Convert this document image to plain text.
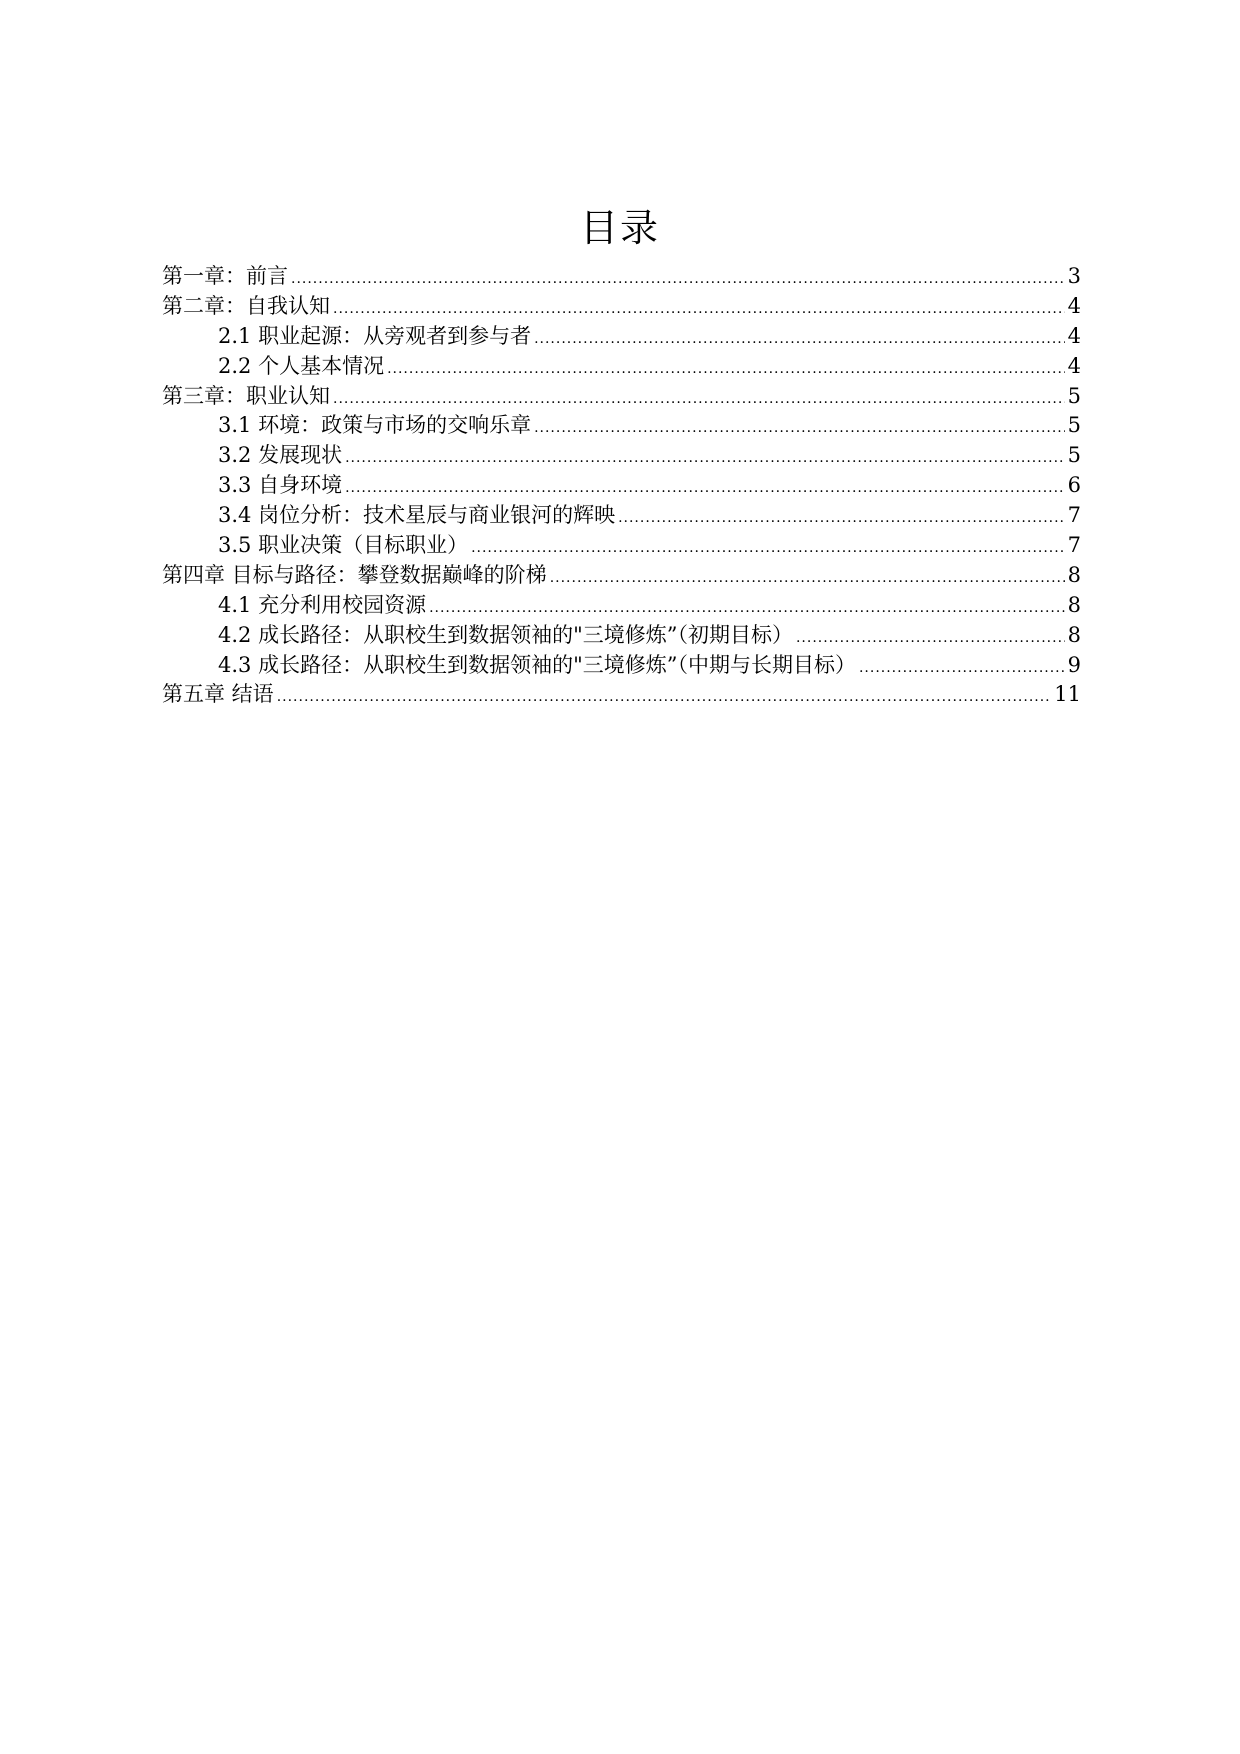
目录
第一章：前言 .....	3
第二章：自我认知 .....	4
2.1 职业起源：从旁观者到参与者 .....	4
2.2 个人基本情况 .....	4
第三章：职业认知 .....	5
3.1 环境：政策与市场的交响乐章 .....	5
3.2 发展现状 .....	5
3.3 自身环境 .....	6
3.4 岗位分析：技术星辰与商业银河的辉映 .....	7
3.5 职业决策（目标职业） .....	7
第四章 目标与路径：攀登数据巅峰的阶梯 .....	8
4.1 充分利用校园资源 .....	8
4.2 成长路径：从职校生到数据领袖的"三境修炼”（初期目标） .....	8
4.3 成长路径：从职校生到数据领袖的"三境修炼”（中期与长期目标） .....	9
第五章 结语 .....	11
